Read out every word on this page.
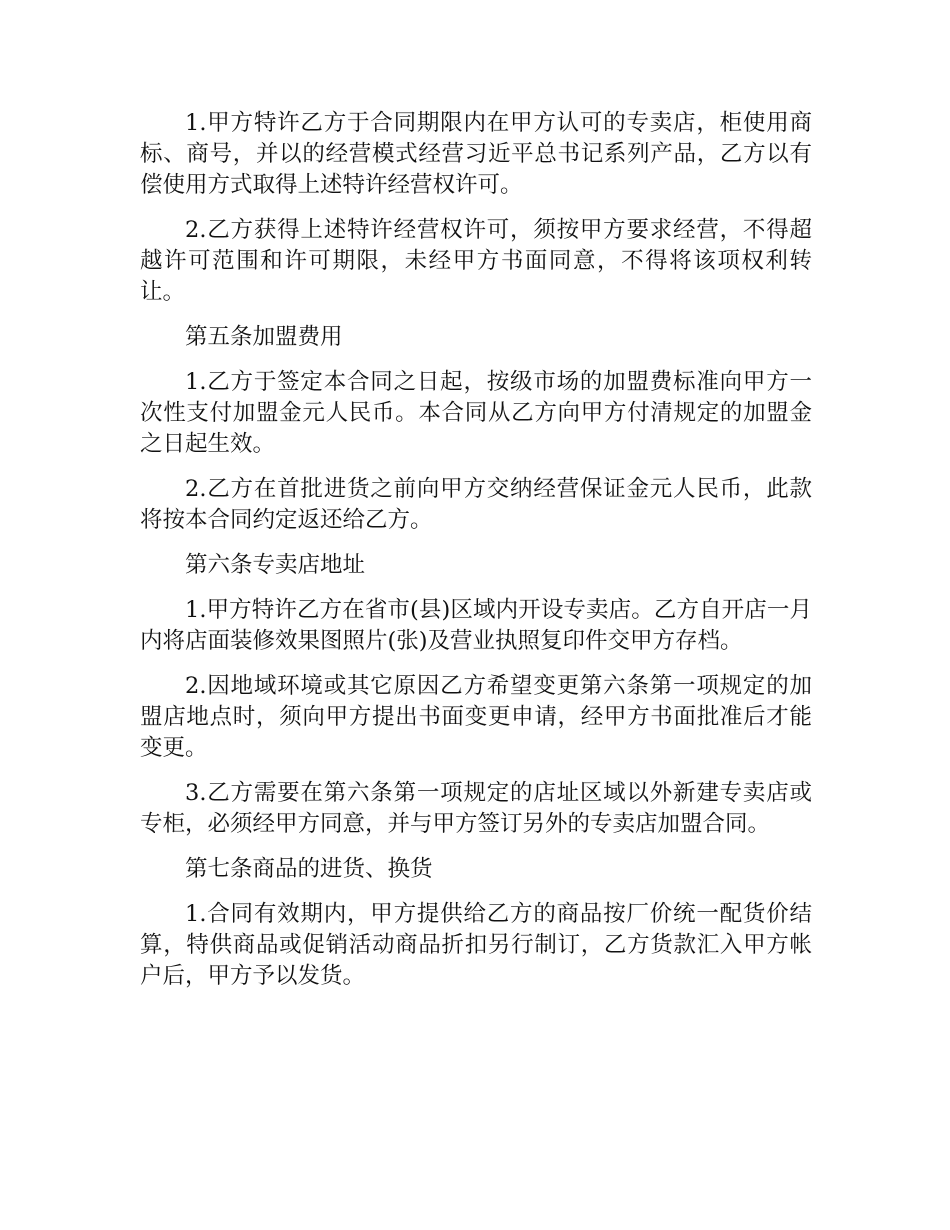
1.甲方特许乙方于合同期限内在甲方认可的专卖店，柜使用商标、商号，并以的经营模式经营习近平总书记系列产品，乙方以有偿使用方式取得上述特许经营权许可。

2.乙方获得上述特许经营权许可，须按甲方要求经营，不得超越许可范围和许可期限，未经甲方书面同意，不得将该项权利转让。

第五条加盟费用

1.乙方于签定本合同之日起，按级市场的加盟费标准向甲方一次性支付加盟金元人民币。本合同从乙方向甲方付清规定的加盟金之日起生效。

2.乙方在首批进货之前向甲方交纳经营保证金元人民币，此款将按本合同约定返还给乙方。

第六条专卖店地址

1.甲方特许乙方在省市(县)区域内开设专卖店。乙方自开店一月内将店面装修效果图照片(张)及营业执照复印件交甲方存档。

2.因地域环境或其它原因乙方希望变更第六条第一项规定的加盟店地点时，须向甲方提出书面变更申请，经甲方书面批准后才能变更。

3.乙方需要在第六条第一项规定的店址区域以外新建专卖店或专柜，必须经甲方同意，并与甲方签订另外的专卖店加盟合同。

第七条商品的进货、换货

1.合同有效期内，甲方提供给乙方的商品按厂价统一配货价结算，特供商品或促销活动商品折扣另行制订，乙方货款汇入甲方帐户后，甲方予以发货。
